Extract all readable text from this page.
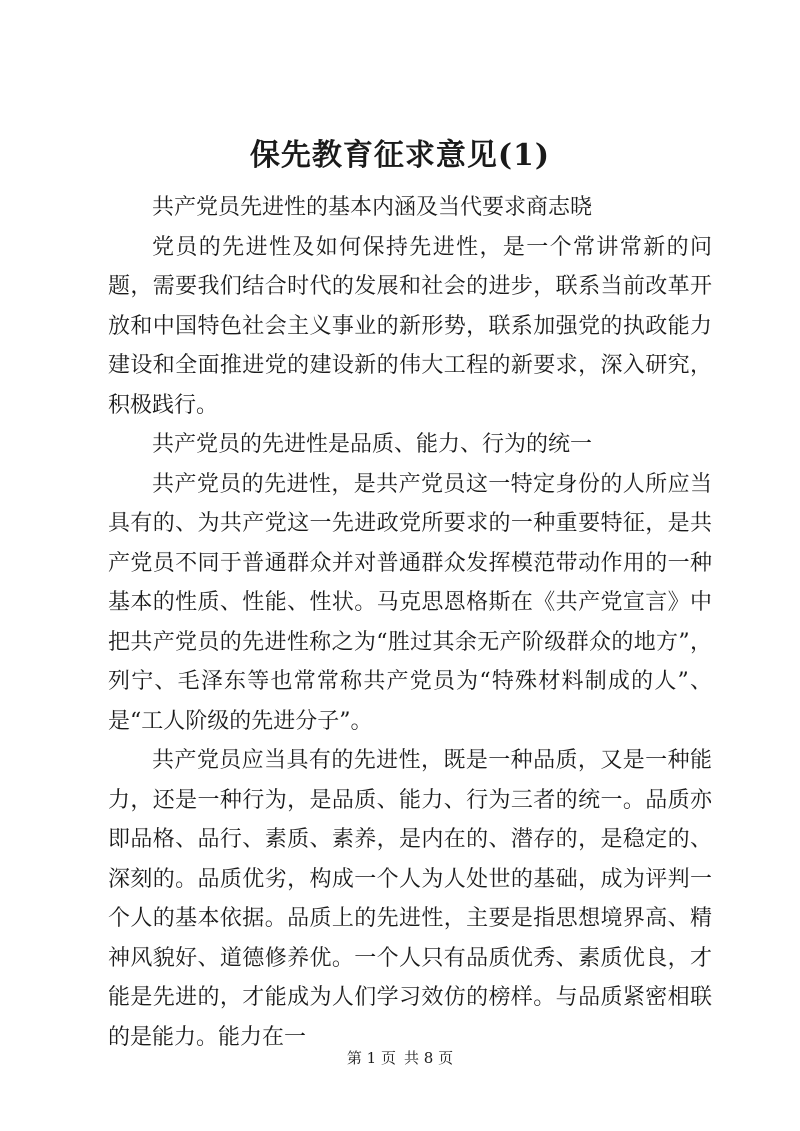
保先教育征求意见(1)

共产党员先进性的基本内涵及当代要求商志晓

党员的先进性及如何保持先进性，是一个常讲常新的问题，需要我们结合时代的发展和社会的进步，联系当前改革开放和中国特色社会主义事业的新形势，联系加强党的执政能力建设和全面推进党的建设新的伟大工程的新要求，深入研究，积极践行。

共产党员的先进性是品质、能力、行为的统一

共产党员的先进性，是共产党员这一特定身份的人所应当具有的、为共产党这一先进政党所要求的一种重要特征，是共产党员不同于普通群众并对普通群众发挥模范带动作用的一种基本的性质、性能、性状。马克思恩格斯在《共产党宣言》中把共产党员的先进性称之为“胜过其余无产阶级群众的地方”，列宁、毛泽东等也常常称共产党员为“特殊材料制成的人”、是“工人阶级的先进分子”。

共产党员应当具有的先进性，既是一种品质，又是一种能力，还是一种行为，是品质、能力、行为三者的统一。品质亦即品格、品行、素质、素养，是内在的、潜存的，是稳定的、深刻的。品质优劣，构成一个人为人处世的基础，成为评判一个人的基本依据。品质上的先进性，主要是指思想境界高、精神风貌好、道德修养优。一个人只有品质优秀、素质优良，才能是先进的，才能成为人们学习效仿的榜样。与品质紧密相联的是能力。能力在一

第 1 页 共 8 页
